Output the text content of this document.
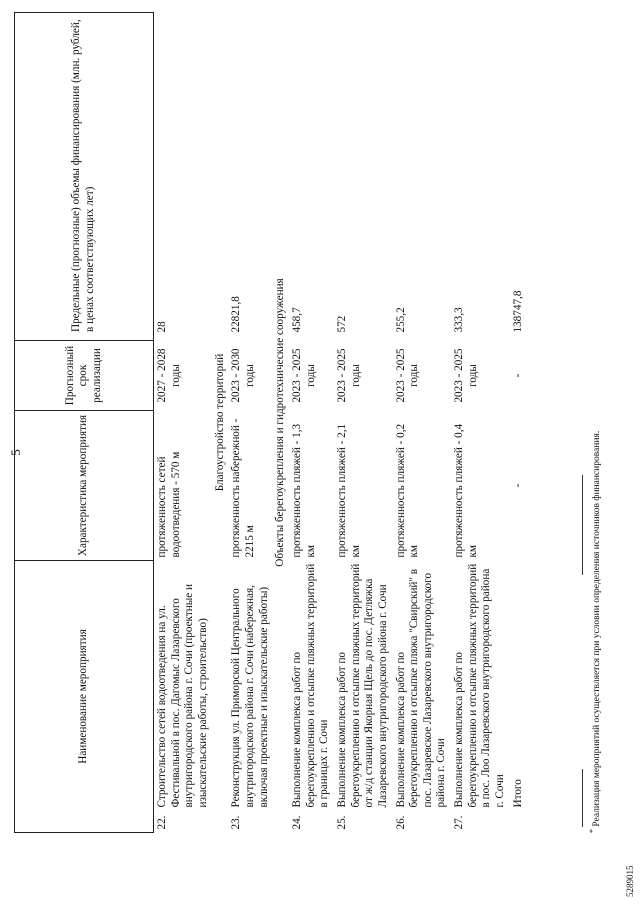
5
Наименование мероприятия		Характеристика мероприятия	Прогнозный срок реализации	Предельные (прогнозные) объемы финансирования (млн. рублей, в ценах соответствующих лет)
22.	Строительство сетей водоотведения на ул. Фестивальной в пос. Дагомыс Лазаревского внутригородского района г. Сочи (проектные и изыскательские работы, строительство)	протяженность сетей водоотведения - 570 м	2027 - 2028 годы	28
Благоустройство территорий				
23.	Реконструкция ул. Приморской Центрального внутригородского района г. Сочи (набережная, включая проектные и изыскательские работы)	протяженность набережной - 2215 м	2023 - 2030 годы	22821,8
Объекты берегоукрепления и гидротехнические сооружения				
24.	Выполнение комплекса работ по берегоукреплению и отсыпке пляжных территорий в границах г. Сочи	протяженность пляжей - 1,3 км	2023 - 2025 годы	458,7
25.	Выполнение комплекса работ по берегоукреплению и отсыпке пляжных территорий от ж/д станции Якорная Щель до пос. Детляжка Лазаревского внутригородского района г. Сочи	протяженность пляжей - 2,1 км	2023 - 2025 годы	572
26.	Выполнение комплекса работ по берегоукреплению и отсыпке пляжа "Свирский" в пос. Лазаревское Лазаревского внутригородского района г. Сочи	протяженность пляжей - 0,2 км	2023 - 2025 годы	255,2
27.	Выполнение комплекса работ по берегоукреплению и отсыпке пляжных территорий в пос. Лоо Лазаревского внутригородского района г. Сочи	протяженность пляжей - 0,4 км	2023 - 2025 годы	333,3
	Итого	-	-	138747,8
* Реализация мероприятий осуществляется при условии определения источников финансирования.
5289015
